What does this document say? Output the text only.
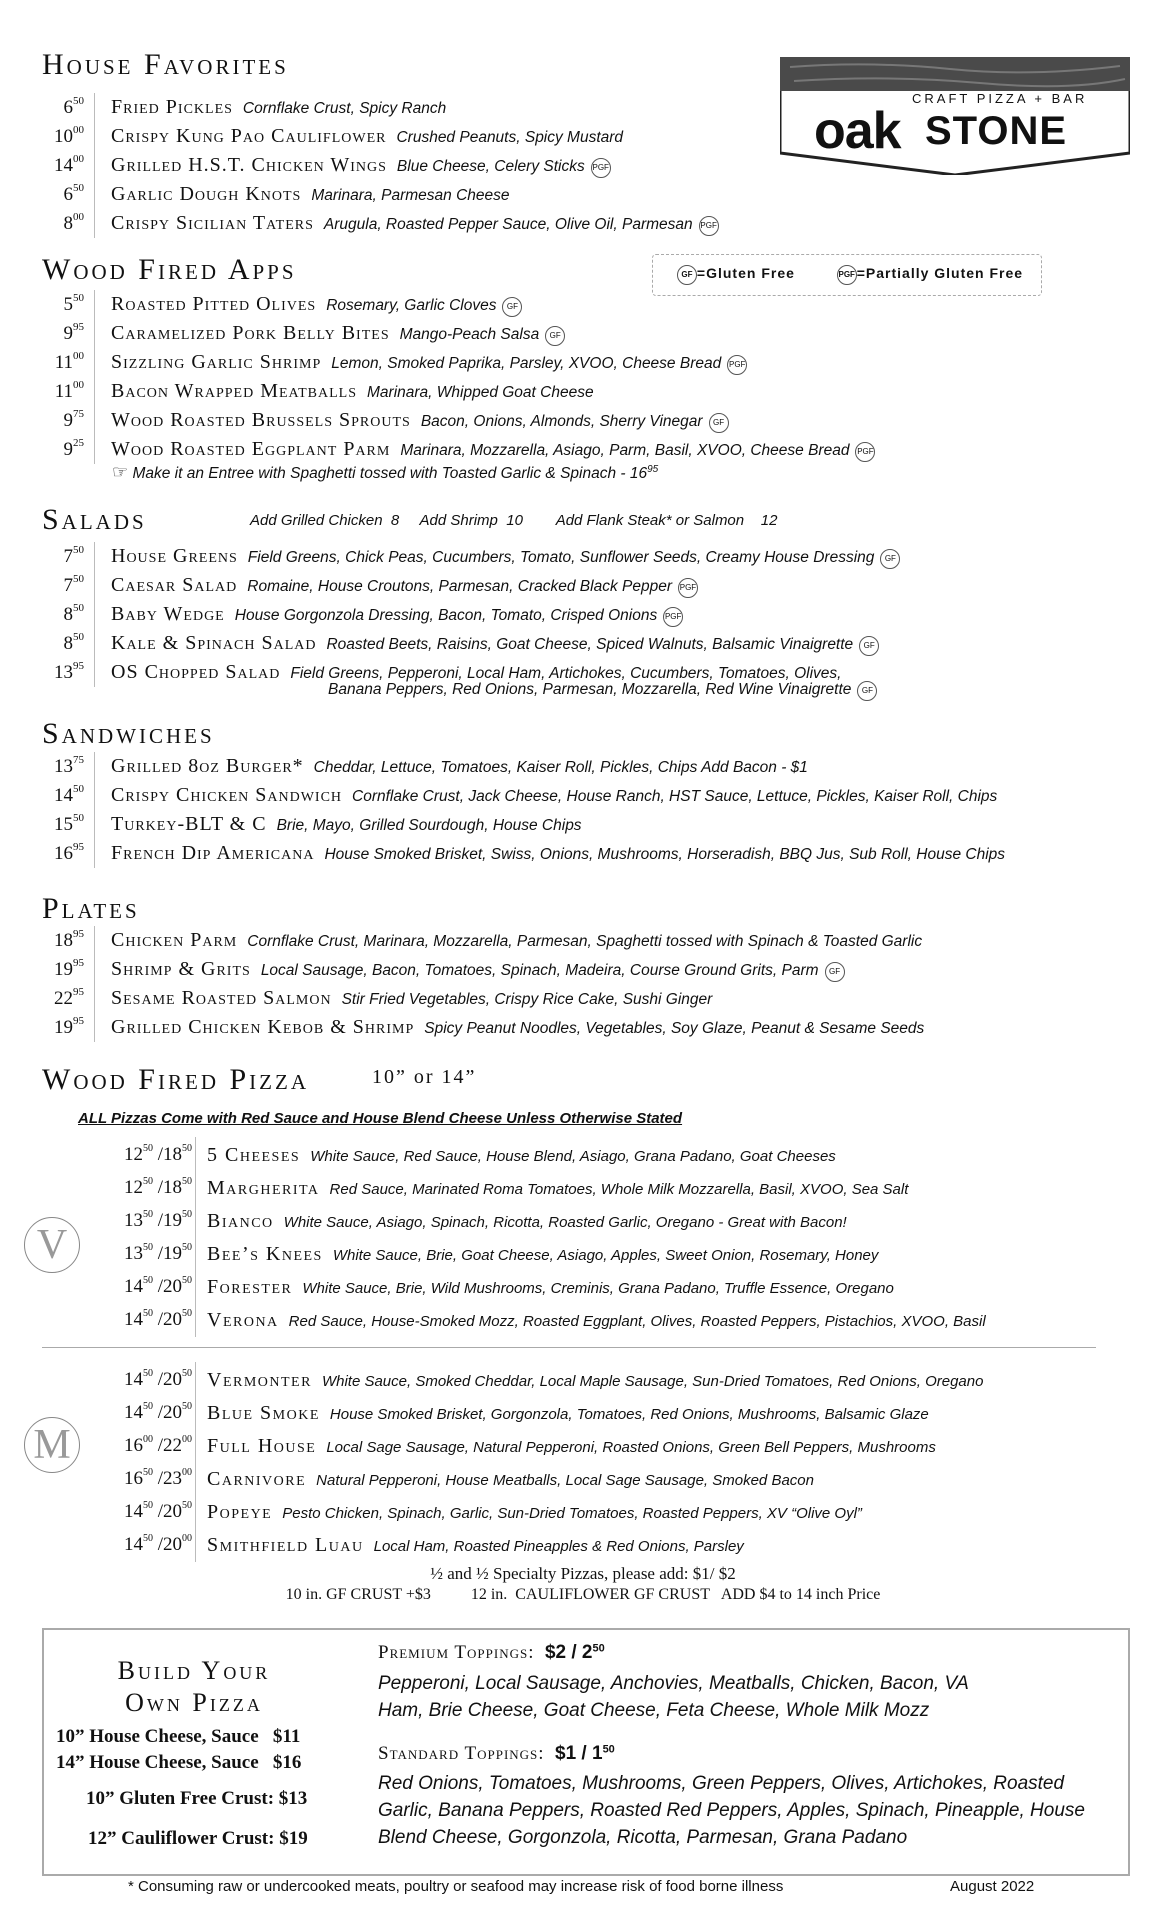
CRAFT PIZZA + BAR
oak STONE
GF =Gluten Free	PGF =Partially Gluten Free
House Favorites
Wood Fired Apps
Salads	Add Grilled Chicken  8     Add Shrimp  10        Add Flank Steak* or Salmon    12
Sandwiches
Plates
$6^{50}$ Fried Pickles Cornflake Crust, Spicy Ranch
$10^{00}$ Crispy Kung Pao Cauliflower Crushed Peanuts, Spicy Mustard
$14^{00}$ Grilled H.S.T. Chicken Wings Blue Cheese, Celery Sticks PGF
$6^{50}$ Garlic Dough Knots Marinara, Parmesan Cheese
$8^{00}$ Crispy Sicilian Taters Arugula, Roasted Pepper Sauce, Olive Oil, Parmesan PGF
$5^{50}$ Roasted Pitted Olives Rosemary, Garlic Cloves GF
$9^{95}$ Caramelized Pork Belly Bites Mango-Peach Salsa GF
$11^{00}$ Sizzling Garlic Shrimp Lemon, Smoked Paprika, Parsley, XVOO, Cheese Bread PGF
$11^{00}$ Bacon Wrapped Meatballs Marinara, Whipped Goat Cheese
$9^{75}$ Wood Roasted Brussels Sprouts Bacon, Onions, Almonds, Sherry Vinegar GF
$9^{25}$ Wood Roasted Eggplant Parm Marinara, Mozzarella, Asiago, Parm, Basil, XVOO, Cheese Bread PGF
☞ Make it an Entree with Spaghetti tossed with Toasted Garlic & Spinach - $16^{95}$
$7^{50}$ House Greens Field Greens, Chick Peas, Cucumbers, Tomato, Sunflower Seeds, Creamy House Dressing GF
$7^{50}$ Caesar Salad Romaine, House Croutons, Parmesan, Cracked Black Pepper PGF
$8^{50}$ Baby Wedge House Gorgonzola Dressing, Bacon, Tomato, Crisped Onions PGF
$8^{50}$ Kale & Spinach Salad Roasted Beets, Raisins, Goat Cheese, Spiced Walnuts, Balsamic Vinaigrette GF
$13^{95}$ OS Chopped Salad Field Greens, Pepperoni, Local Ham, Artichokes, Cucumbers, Tomatoes, Olives,
Banana Peppers, Red Onions, Parmesan, Mozzarella, Red Wine Vinaigrette GF
$13^{75}$ Grilled 8oz Burger* Cheddar, Lettuce, Tomatoes, Kaiser Roll, Pickles, Chips Add Bacon - $1
$14^{50}$ Crispy Chicken Sandwich Cornflake Crust, Jack Cheese, House Ranch, HST Sauce, Lettuce, Pickles, Kaiser Roll, Chips
$15^{50}$ Turkey-BLT & C Brie, Mayo, Grilled Sourdough, House Chips
$16^{95}$ French Dip Americana House Smoked Brisket, Swiss, Onions, Mushrooms, Horseradish, BBQ Jus, Sub Roll, House Chips
$18^{95}$ Chicken Parm Cornflake Crust, Marinara, Mozzarella, Parmesan, Spaghetti tossed with Spinach & Toasted Garlic
$19^{95}$ Shrimp & Grits Local Sausage, Bacon, Tomatoes, Spinach, Madeira, Course Ground Grits, Parm GF
$22^{95}$ Sesame Roasted Salmon Stir Fried Vegetables, Crispy Rice Cake, Sushi Ginger
$19^{95}$ Grilled Chicken Kebob & Shrimp Spicy Peanut Noodles, Vegetables, Soy Glaze, Peanut & Sesame Seeds
Wood Fired Pizza	10” or 14”
ALL Pizzas Come with Red Sauce and House Blend Cheese Unless Otherwise Stated
V
M
$12^{50}$ $/18^{50}$ 5 Cheeses White Sauce, Red Sauce, House Blend, Asiago, Grana Padano, Goat Cheeses
$12^{50}$ $/18^{50}$ Margherita Red Sauce, Marinated Roma Tomatoes, Whole Milk Mozzarella, Basil, XVOO, Sea Salt
$13^{50}$ $/19^{50}$ Bianco White Sauce, Asiago, Spinach, Ricotta, Roasted Garlic, Oregano - Great with Bacon!
$13^{50}$ $/19^{50}$ Bee’s Knees White Sauce, Brie, Goat Cheese, Asiago, Apples, Sweet Onion, Rosemary, Honey
$14^{50}$ $/20^{50}$ Forester White Sauce, Brie, Wild Mushrooms, Creminis, Grana Padano, Truffle Essence, Oregano
$14^{50}$ $/20^{50}$ Verona Red Sauce, House-Smoked Mozz, Roasted Eggplant, Olives, Roasted Peppers, Pistachios, XVOO, Basil
$14^{50}$ $/20^{50}$ Vermonter White Sauce, Smoked Cheddar, Local Maple Sausage, Sun-Dried Tomatoes, Red Onions, Oregano
$14^{50}$ $/20^{50}$ Blue Smoke House Smoked Brisket, Gorgonzola, Tomatoes, Red Onions, Mushrooms, Balsamic Glaze
$16^{00}$ $/22^{00}$ Full House Local Sage Sausage, Natural Pepperoni, Roasted Onions, Green Bell Peppers, Mushrooms
$16^{50}$ $/23^{00}$ Carnivore Natural Pepperoni, House Meatballs, Local Sage Sausage, Smoked Bacon
$14^{50}$ $/20^{50}$ Popeye Pesto Chicken, Spinach, Garlic, Sun-Dried Tomatoes, Roasted Peppers, XV “Olive Oyl”
$14^{50}$ $/20^{00}$ Smithfield Luau Local Ham, Roasted Pineapples & Red Onions, Parsley
½ and ½ Specialty Pizzas, please add: $1/ $2
10 in. GF CRUST +$3          12 in.  CAULIFLOWER GF CRUST   ADD $4 to 14 inch Price
Build Your
Own Pizza
10” House Cheese, Sauce   $11
14” House Cheese, Sauce   $16
10” Gluten Free Crust: $13
12” Cauliflower Crust: $19
Premium Toppings: $2 / $2^{50}$
Pepperoni, Local Sausage, Anchovies, Meatballs, Chicken, Bacon, VA Ham, Brie Cheese, Goat Cheese, Feta Cheese, Whole Milk Mozz
Standard Toppings: $1 / $1^{50}$
Red Onions, Tomatoes, Mushrooms, Green Peppers, Olives, Artichokes, Roasted Garlic, Banana Peppers, Roasted Red Peppers, Apples, Spinach, Pineapple, House Blend Cheese, Gorgonzola, Ricotta, Parmesan, Grana Padano
* Consuming raw or undercooked meats, poultry or seafood may increase risk of food borne illness	August 2022
